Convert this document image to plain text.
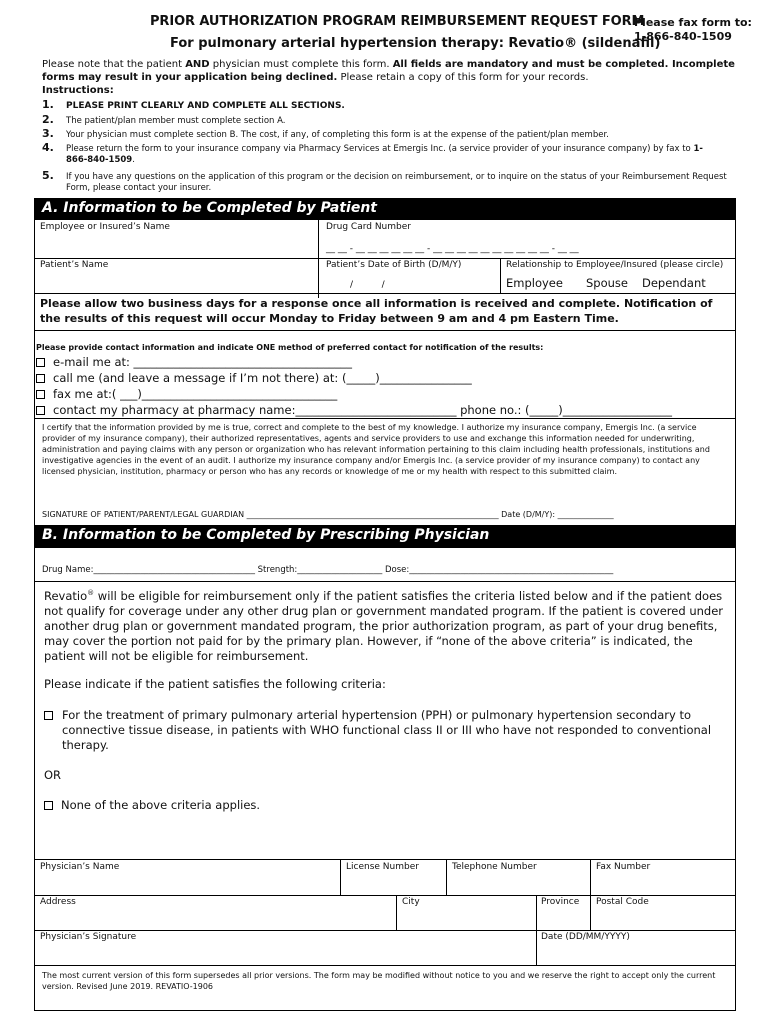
PRIOR AUTHORIZATION PROGRAM REIMBURSEMENT REQUEST FORM
For pulmonary arterial hypertension therapy: Revatio® (sildenafil)
Please fax form to:
1-866-840-1509
Please note that the patient AND physician must complete this form. All fields are mandatory and must be completed. Incomplete forms may result in your application being declined. Please retain a copy of this form for your records.
Instructions:
1. PLEASE PRINT CLEARLY AND COMPLETE ALL SECTIONS.
2. The patient/plan member must complete section A.
3. Your physician must complete section B. The cost, if any, of completing this form is at the expense of the patient/plan member.
4. Please return the form to your insurance company via Pharmacy Services at Emergis Inc. (a service provider of your insurance company) by fax to 1-866-840-1509.
5. If you have any questions on the application of this program or the decision on reimbursement, or to inquire on the status of your Reimbursement Request Form, please contact your insurer.
A. Information to be Completed by Patient
Employee or Insured’s Name	Drug Card Number
__ __ - __ __ __ __ __ __ - __ __ __ __ __ __ __ __ __ __ - __ __
Patient’s Name	Patient’s Date of Birth (D/M/Y)
/          /
Relationship to Employee/Insured (please circle)
Employee Spouse Dependant
Please allow two business days for a response once all information is received and complete. Notification of the results of this request will occur Monday to Friday between 9 am and 4 pm Eastern Time.
Please provide contact information and indicate ONE method of preferred contact for notification of the results:
e-mail me at: ______________________________________
call me (and leave a message if I’m not there) at: (_____)________________
fax me at:( ___)__________________________________
contact my pharmacy at pharmacy name:____________________________ phone no.: (_____)___________________
I certify that the information provided by me is true, correct and complete to the best of my knowledge. I authorize my insurance company, Emergis Inc. (a service provider of my insurance company), their authorized representatives, agents and service providers to use and exchange this information needed for underwriting, administration and paying claims with any person or organization who has relevant information pertaining to this claim including health professionals, institutions and investigative agencies in the event of an audit. I authorize my insurance company and/or Emergis Inc. (a service provider of my insurance company) to contact any licensed physician, institution, pharmacy or person who has any records or knowledge of me or my health with respect to this submitted claim.
SIGNATURE OF PATIENT/PARENT/LEGAL GUARDIAN _______________________________________________________________ Date (D/M/Y): ______________
B. Information to be Completed by Prescribing Physician
Drug Name:______________________________________ Strength:____________________ Dose:________________________________________________
Revatio® will be eligible for reimbursement only if the patient satisfies the criteria listed below and if the patient does not qualify for coverage under any other drug plan or government mandated program. If the patient is covered under another drug plan or government mandated program, the prior authorization program, as part of your drug benefits, may cover the portion not paid for by the primary plan. However, if “none of the above criteria” is indicated, the patient will not be eligible for reimbursement.
Please indicate if the patient satisfies the following criteria:
For the treatment of primary pulmonary arterial hypertension (PPH) or pulmonary hypertension secondary to connective tissue disease, in patients with WHO functional class II or III who have not responded to conventional therapy.
OR
None of the above criteria applies.
Physician’s Name	License Number	Telephone Number	Fax Number
Address	City	Province Postal Code
Physician’s Signature	Date (DD/MM/YYYY)
The most current version of this form supersedes all prior versions. The form may be modified without notice to you and we reserve the right to accept only the current version. Revised June 2019. REVATIO-1906
